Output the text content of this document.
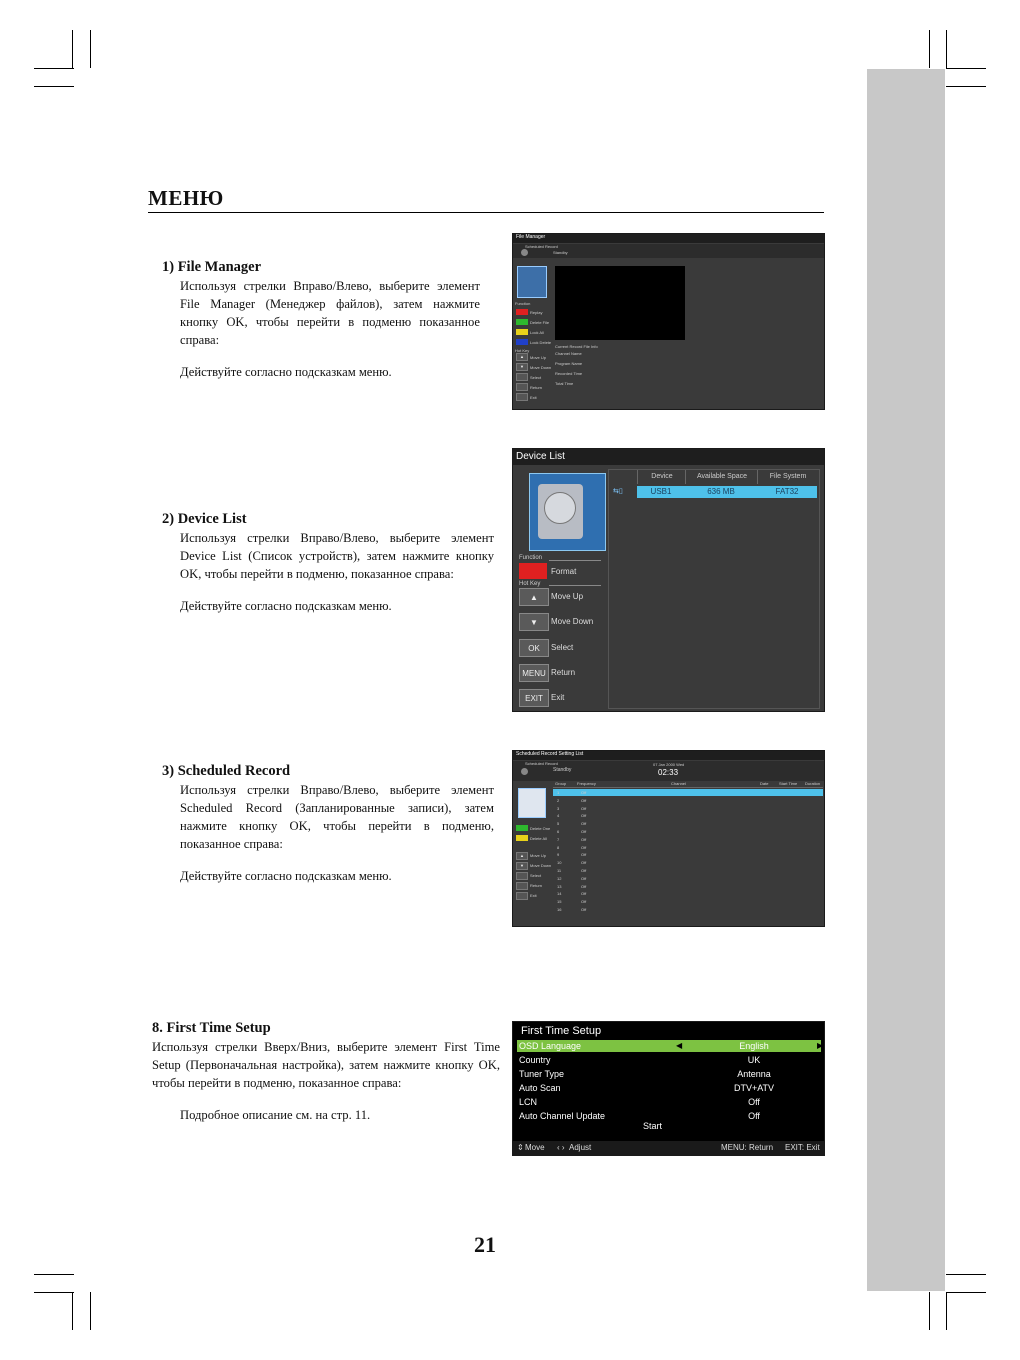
МЕНЮ
1) File Manager
Используя стрелки Вправо/Влево, выберите элемент File Manager (Менеджер файлов), затем нажмите кнопку OK, чтобы перейти в подменю показанное справа:
Действуйте согласно подсказкам меню.
2) Device List
Используя стрелки Вправо/Влево, выберите элемент Device List (Список устройств), затем нажмите кнопку OK, чтобы перейти в подменю, показанное справа:
Действуйте согласно подсказкам меню.
3) Scheduled Record
Используя стрелки Вправо/Влево, выберите элемент Scheduled Record (Запланированные записи), затем нажмите кнопку OK, чтобы перейти в подменю, показанное справа:
Действуйте согласно подсказкам меню.
8. First Time Setup
Используя стрелки Вверх/Вниз, выберите элемент First Time Setup (Первоначальная настройка), затем нажмите кнопку OK, чтобы перейти в подменю, показанное справа:
Подробное описание см. на стр. 11.
File Manager
Scheduled Record
Standby
Function
Replay
Delete File
Lock All
Lock Delete
Hot Key
▲	Move Up
▼	Move Down
Select
Return
Exit
Current Record File Info
Channel Name
Program Name
Recorded Time
Total Time
Device List
Function
Format
Hot Key
▲	Move Up
▼	Move Down
OK	Select
MENU Return
EXIT	Exit
Device	Available Space	File System
⇆▯	USB1	636 MB	FAT32
Scheduled Record Setting List
Scheduled Record
Standby
07 Jan 2000 Wed
02:33
Delete One
Delete All
▲	Move Up
▼	Move Down
Select
Return
Exit
Group	Frequency	Channel	Date	Start Time Duration
1	Off
2	Off
3	Off
4	Off
5	Off
6	Off
7	Off
8	Off
9	Off
10	Off
11	Off
12	Off
13	Off
14	Off
15	Off
16	Off
First Time Setup
◀	▶
OSD Language	English
Country	UK
Tuner Type	Antenna
Auto Scan	DTV+ATV
LCN	Off
Auto Channel Update	Off
Start
⇕ Move ‹ › Adjust	MENU: Return EXIT: Exit
21
